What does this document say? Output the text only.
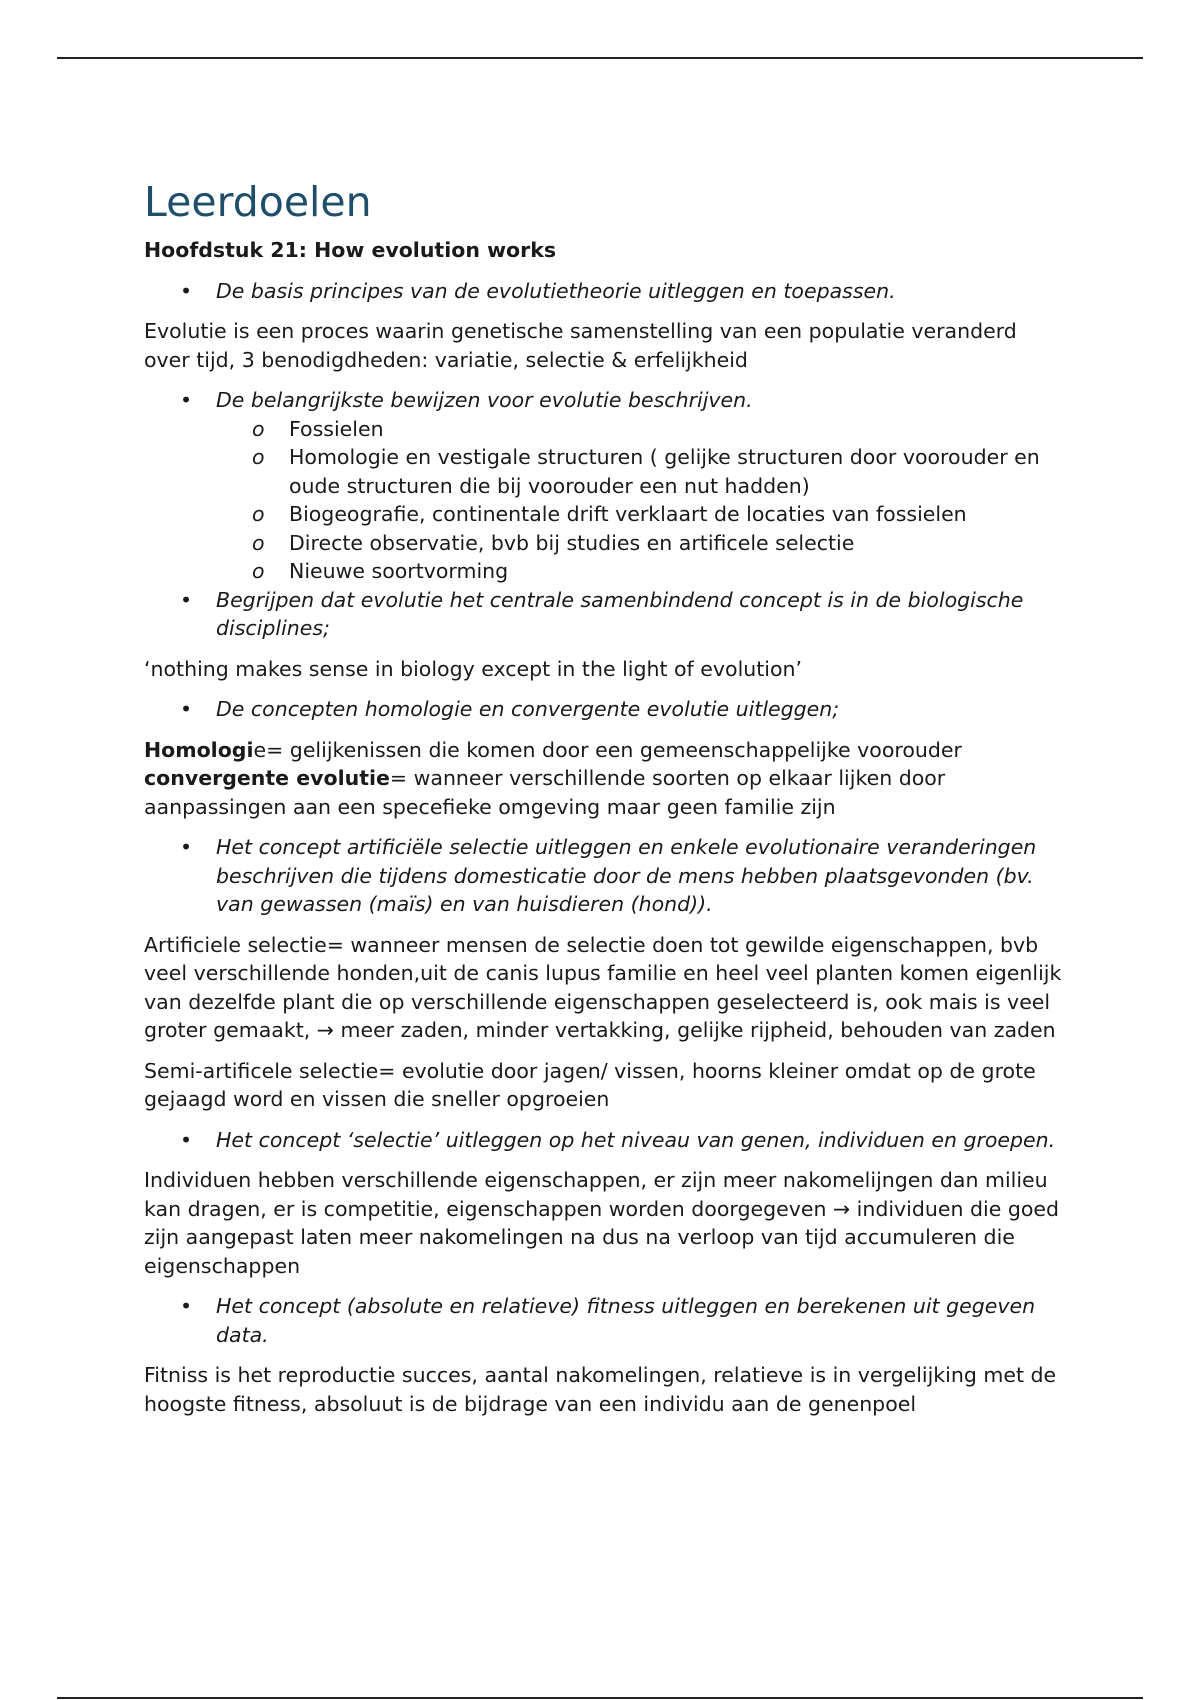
Leerdoelen
Hoofdstuk 21: How evolution works
• De basis principes van de evolutietheorie uitleggen en toepassen.

Evolutie is een proces waarin genetische samenstelling van een populatie veranderd over tijd, 3 benodigdheden: variatie, selectie & erfelijkheid

• De belangrijkste bewijzen voor evolutie beschrijven.
o Fossielen
o Homologie en vestigale structuren ( gelijke structuren door voorouder en oude structuren die bij voorouder een nut hadden)
o Biogeografie, continentale drift verklaart de locaties van fossielen
o Directe observatie, bvb bij studies en artificele selectie
o Nieuwe soortvorming
• Begrijpen dat evolutie het centrale samenbindend concept is in de biologische disciplines;

‘nothing makes sense in biology except in the light of evolution’

• De concepten homologie en convergente evolutie uitleggen;

Homologie= gelijkenissen die komen door een gemeenschappelijke voorouder
convergente evolutie= wanneer verschillende soorten op elkaar lijken door aanpassingen aan een specefieke omgeving maar geen familie zijn

• Het concept artificiële selectie uitleggen en enkele evolutionaire veranderingen beschrijven die tijdens domesticatie door de mens hebben plaatsgevonden (bv. van gewassen (maïs) en van huisdieren (hond)).

Artificiele selectie= wanneer mensen de selectie doen tot gewilde eigenschappen, bvb veel verschillende honden,uit de canis lupus familie en heel veel planten komen eigenlijk van dezelfde plant die op verschillende eigenschappen geselecteerd is, ook mais is veel groter gemaakt, → meer zaden, minder vertakking, gelijke rijpheid, behouden van zaden

Semi-artificele selectie= evolutie door jagen/ vissen, hoorns kleiner omdat op de grote gejaagd word en vissen die sneller opgroeien

• Het concept ‘selectie’ uitleggen op het niveau van genen, individuen en groepen.

Individuen hebben verschillende eigenschappen, er zijn meer nakomelijngen dan milieu kan dragen, er is competitie, eigenschappen worden doorgegeven → individuen die goed zijn aangepast laten meer nakomelingen na dus na verloop van tijd accumuleren die eigenschappen

• Het concept (absolute en relatieve) fitness uitleggen en berekenen uit gegeven data.

Fitniss is het reproductie succes, aantal nakomelingen, relatieve is in vergelijking met de hoogste fitness, absoluut is de bijdrage van een individu aan de genenpoel
